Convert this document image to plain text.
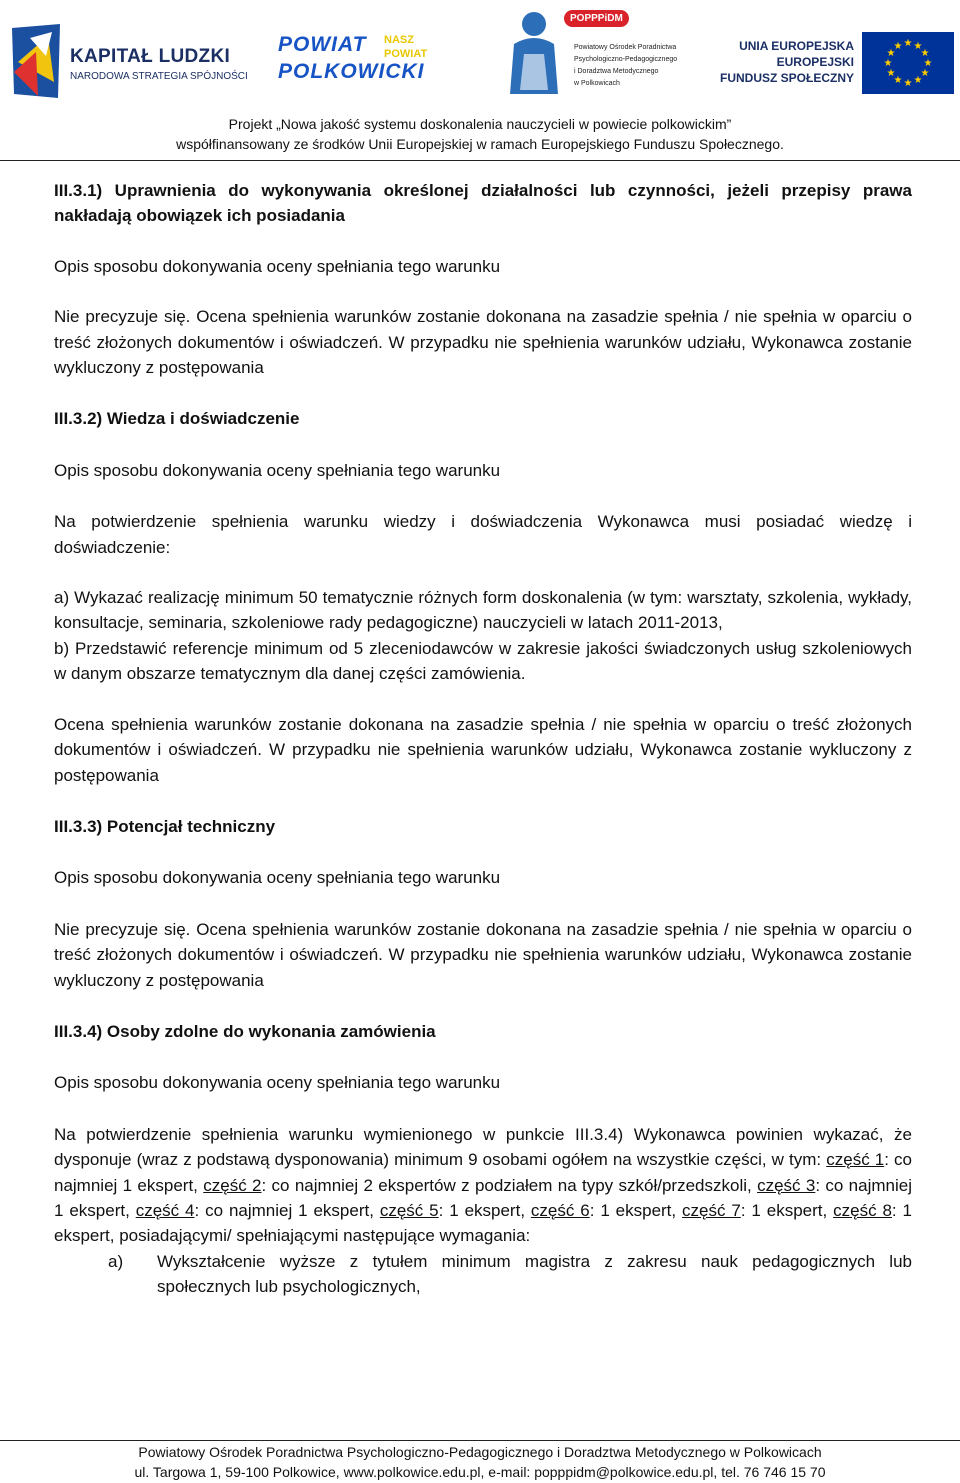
KAPITAŁ LUDZKI
NARODOWA STRATEGIA SPÓJNOŚCI
POWIAT
POLKOWICKI
NASZ
POWIAT
POPPPiDM
Powiatowy Ośrodek Poradnictwa
Psychologiczno-Pedagogicznego
i Doradztwa Metodycznego
w Polkowicach
UNIA EUROPEJSKA
EUROPEJSKI
FUNDUSZ SPOŁECZNY
★ ★
★
★
★
★
★
★
★
★
★
★
Projekt „Nowa jakość systemu doskonalenia nauczycieli w powiecie polkowickim”
współfinansowany ze środków Unii Europejskiej w ramach Europejskiego Funduszu Społecznego.

III.3.1) Uprawnienia do wykonywania określonej działalności lub czynności, jeżeli przepisy prawa nakładają obowiązek ich posiadania

Opis sposobu dokonywania oceny spełniania tego warunku

Nie precyzuje się. Ocena spełnienia warunków zostanie dokonana na zasadzie spełnia / nie spełnia w oparciu o treść złożonych dokumentów i oświadczeń. W przypadku nie spełnienia warunków udziału, Wykonawca zostanie wykluczony z postępowania

III.3.2) Wiedza i doświadczenie

Opis sposobu dokonywania oceny spełniania tego warunku

Na potwierdzenie spełnienia warunku wiedzy i doświadczenia Wykonawca musi posiadać wiedzę i doświadczenie:

a) Wykazać realizację minimum 50 tematycznie różnych form doskonalenia (w tym: warsztaty, szkolenia, wykłady, konsultacje, seminaria, szkoleniowe rady pedagogiczne) nauczycieli w latach 2011-2013,

b) Przedstawić referencje minimum od 5 zleceniodawców w zakresie jakości świadczonych usług szkoleniowych w danym obszarze tematycznym dla danej części zamówienia.

Ocena spełnienia warunków zostanie dokonana na zasadzie spełnia / nie spełnia w oparciu o treść złożonych dokumentów i oświadczeń. W przypadku nie spełnienia warunków udziału, Wykonawca zostanie wykluczony z postępowania

III.3.3) Potencjał techniczny

Opis sposobu dokonywania oceny spełniania tego warunku

Nie precyzuje się. Ocena spełnienia warunków zostanie dokonana na zasadzie spełnia / nie spełnia w oparciu o treść złożonych dokumentów i oświadczeń. W przypadku nie spełnienia warunków udziału, Wykonawca zostanie wykluczony z postępowania

III.3.4) Osoby zdolne do wykonania zamówienia

Opis sposobu dokonywania oceny spełniania tego warunku

Na potwierdzenie spełnienia warunku wymienionego w punkcie III.3.4) Wykonawca powinien wykazać, że dysponuje (wraz z podstawą dysponowania) minimum 9 osobami ogółem na wszystkie części, w tym: część 1: co najmniej 1 ekspert, część 2: co najmniej 2 ekspertów z podziałem na typy szkół/przedszkoli, część 3: co najmniej 1 ekspert, część 4: co najmniej 1 ekspert, część 5: 1 ekspert, część 6: 1 ekspert, część 7: 1 ekspert, część 8: 1 ekspert, posiadającymi/ spełniającymi następujące wymagania:

a)	Wykształcenie wyższe z tytułem minimum magistra z zakresu nauk pedagogicznych lub społecznych lub psychologicznych,

Powiatowy Ośrodek Poradnictwa Psychologiczno-Pedagogicznego i Doradztwa Metodycznego w Polkowicach
ul. Targowa 1, 59-100 Polkowice, www.polkowice.edu.pl, e-mail: popppidm@polkowice.edu.pl, tel. 76 746 15 70
